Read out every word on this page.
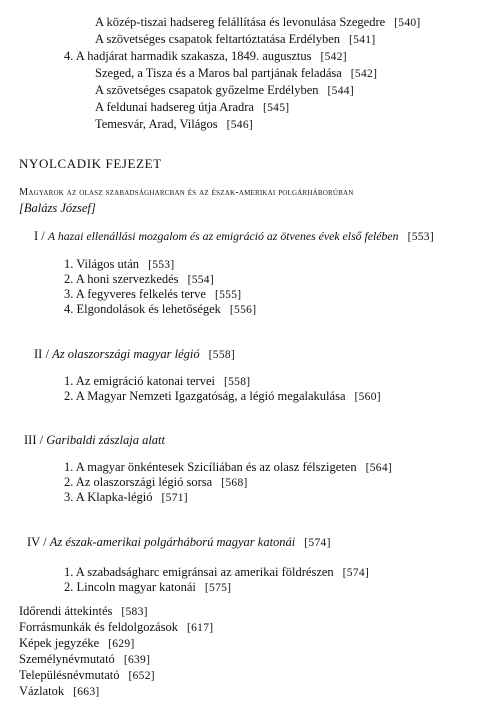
A közép-tiszai hadsereg felállítása és levonulása Szegedre [540]
A szövetséges csapatok feltartóztatása Erdélyben [541]
4. A hadjárat harmadik szakasza, 1849. augusztus [542]
Szeged, a Tisza és a Maros bal partjának feladása [542]
A szövetséges csapatok győzelme Erdélyben [544]
A feldunai hadsereg útja Aradra [545]
Temesvár, Arad, Világos [546]
NYOLCADIK FEJEZET
Magyarok az olasz szabadságharcban és az észak-amerikai polgárháborúban
[Balázs József]
I / A hazai ellenállási mozgalom és az emigráció az ötvenes évek első felében [553]
1. Világos után [553]
2. A honi szervezkedés [554]
3. A fegyveres felkelés terve [555]
4. Elgondolások és lehetőségek [556]
II / Az olaszországi magyar légió [558]
1. Az emigráció katonai tervei [558]
2. A Magyar Nemzeti Igazgatóság, a légió megalakulása [560]
III / Garibaldi zászlaja alatt
1. A magyar önkéntesek Szicíliában és az olasz félszigeten [564]
2. Az olaszországi légió sorsa [568]
3. A Klapka-légió [571]
IV / Az észak-amerikai polgárháború magyar katonái [574]
1. A szabadságharc emigránsai az amerikai földrészen [574]
2. Lincoln magyar katonái [575]
Időrendi áttekintés [583]
Forrásmunkák és feldolgozások [617]
Képek jegyzéke [629]
Személynévmutató [639]
Településnévmutató [652]
Vázlatok [663]
